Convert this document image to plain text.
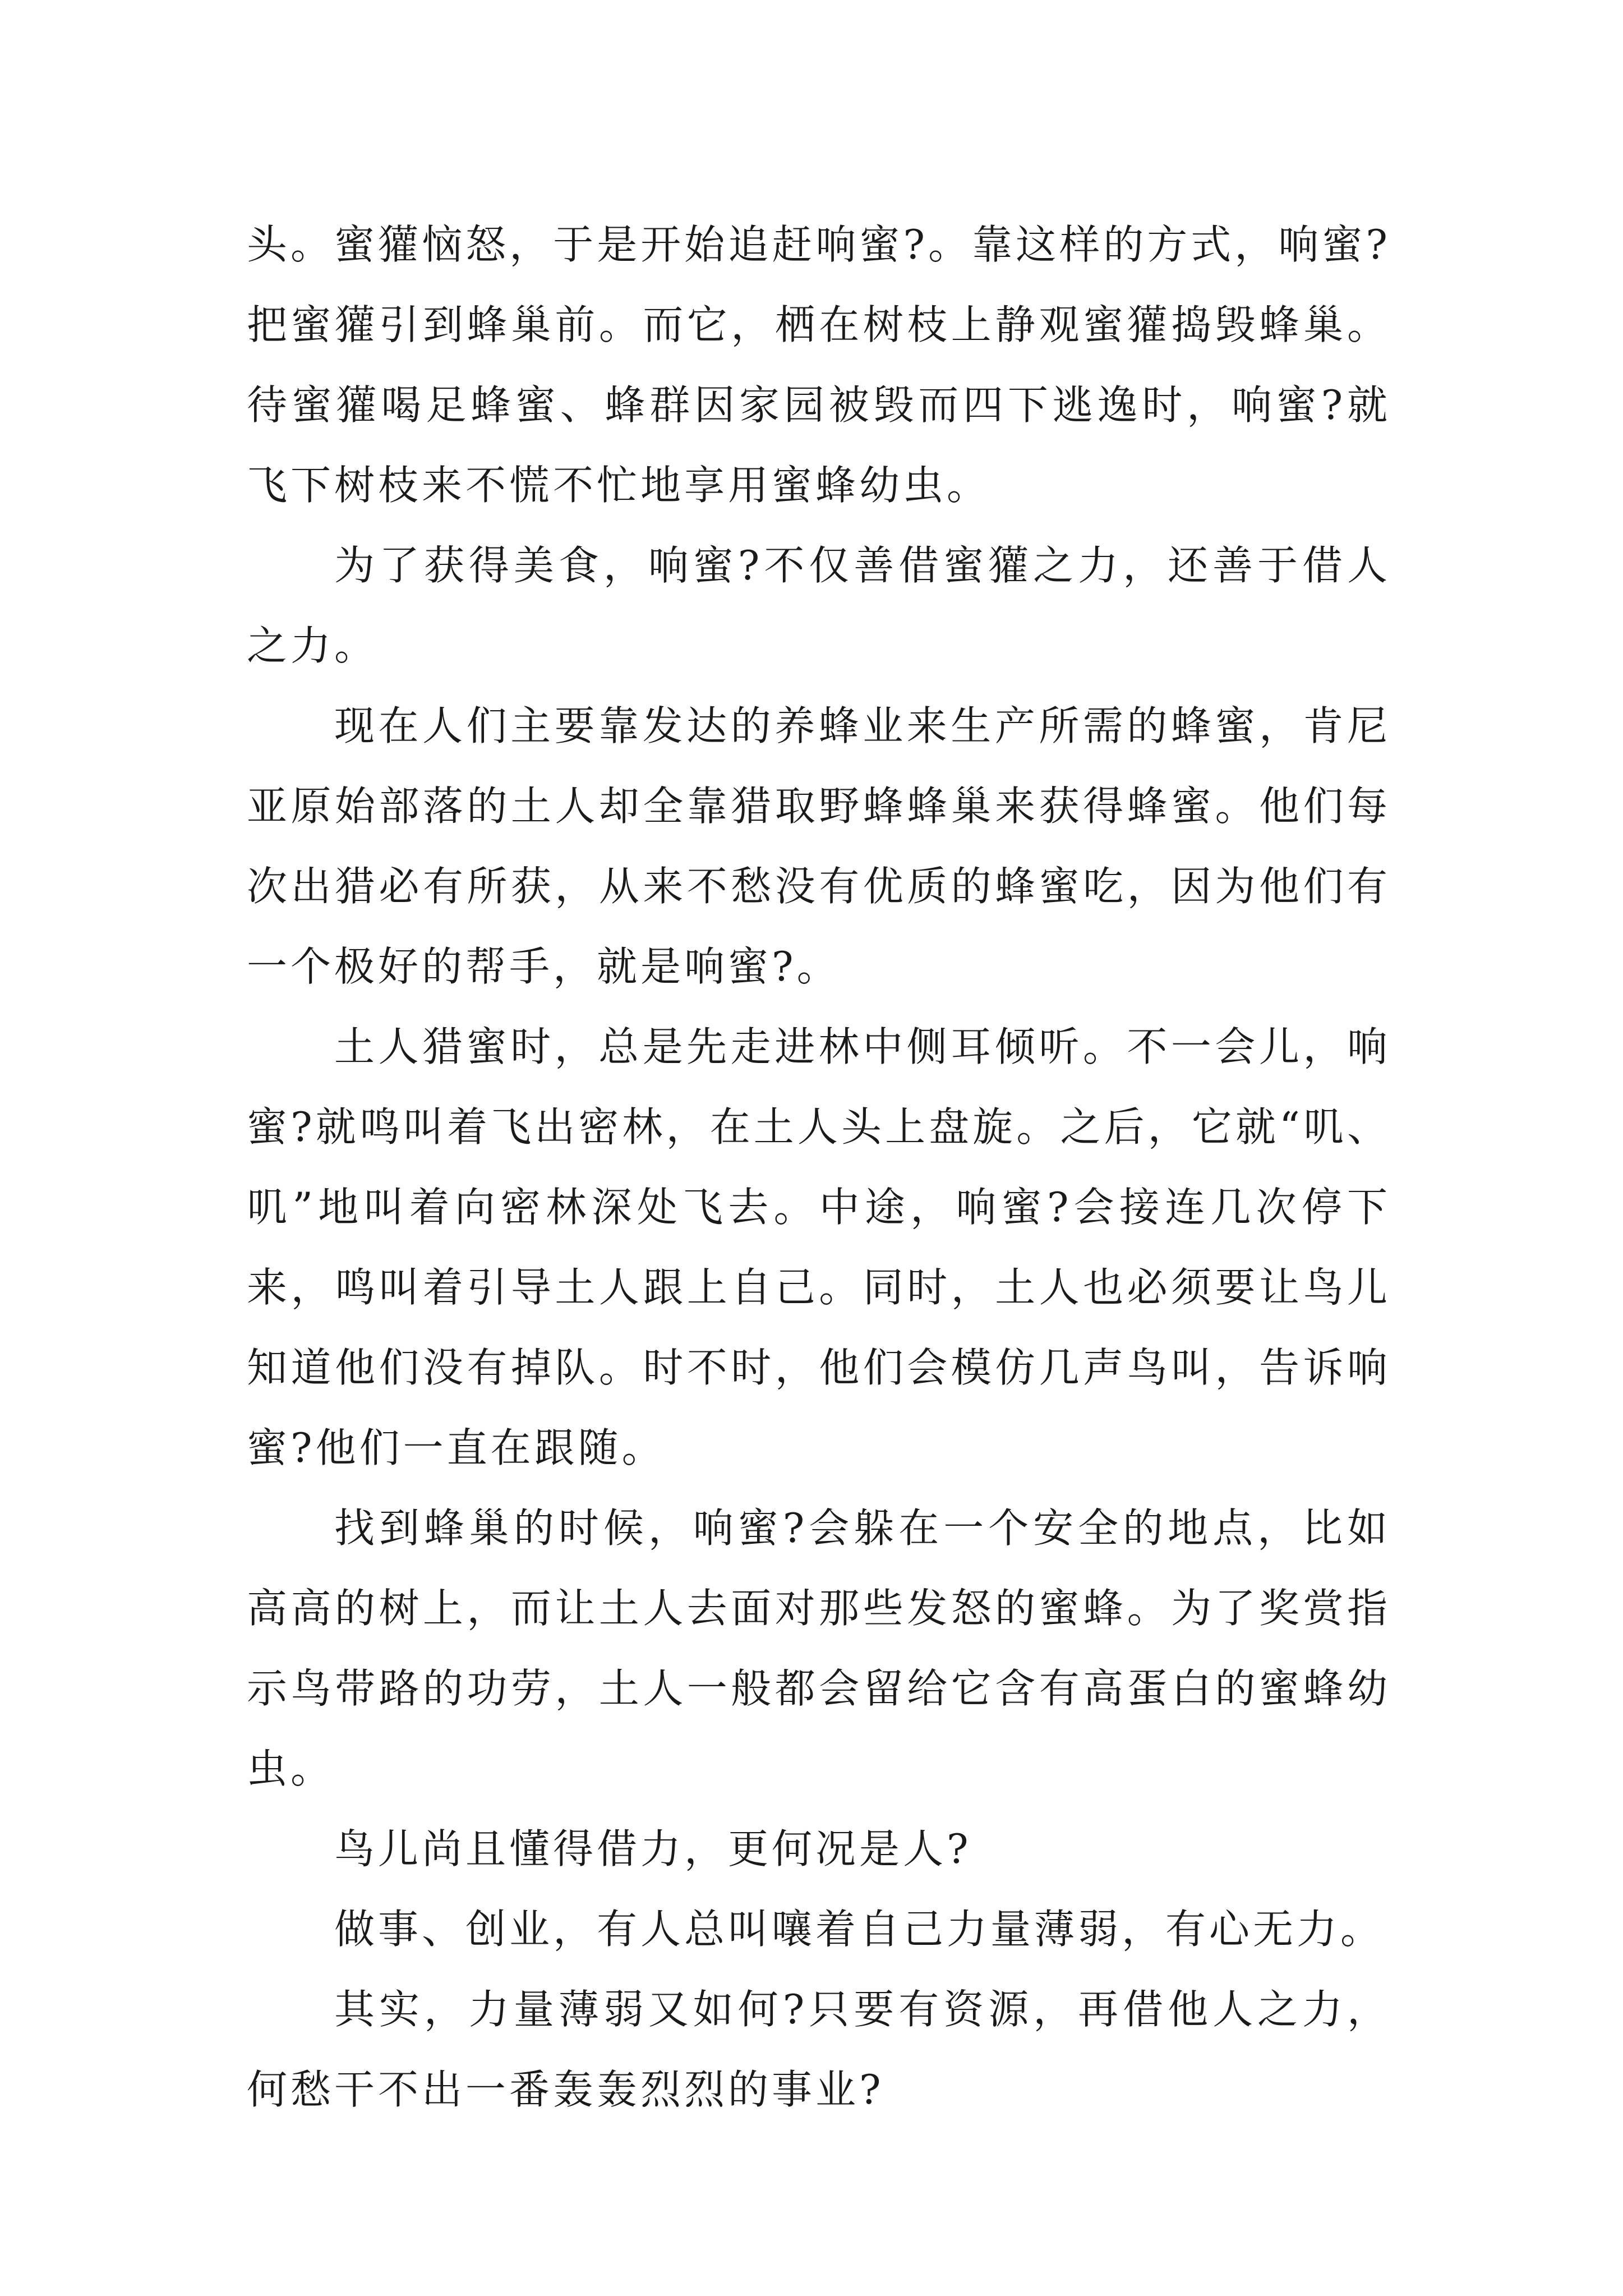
头。蜜獾恼怒，于是开始追赶响蜜?。靠这样的方式，响蜜?把蜜獾引到蜂巢前。而它，栖在树枝上静观蜜獾捣毁蜂巢。待蜜獾喝足蜂蜜、蜂群因家园被毁而四下逃逸时，响蜜?就飞下树枝来不慌不忙地享用蜜蜂幼虫。

为了获得美食，响蜜?不仅善借蜜獾之力，还善于借人之力。

现在人们主要靠发达的养蜂业来生产所需的蜂蜜，肯尼亚原始部落的土人却全靠猎取野蜂蜂巢来获得蜂蜜。他们每次出猎必有所获，从来不愁没有优质的蜂蜜吃，因为他们有一个极好的帮手，就是响蜜?。

土人猎蜜时，总是先走进林中侧耳倾听。不一会儿，响蜜?就鸣叫着飞出密林，在土人头上盘旋。之后，它就“叽、叽”地叫着向密林深处飞去。中途，响蜜?会接连几次停下来，鸣叫着引导土人跟上自己。同时，土人也必须要让鸟儿知道他们没有掉队。时不时，他们会模仿几声鸟叫，告诉响蜜?他们一直在跟随。

找到蜂巢的时候，响蜜?会躲在一个安全的地点，比如高高的树上，而让土人去面对那些发怒的蜜蜂。为了奖赏指示鸟带路的功劳，土人一般都会留给它含有高蛋白的蜜蜂幼虫。

鸟儿尚且懂得借力，更何况是人?

做事、创业，有人总叫嚷着自己力量薄弱，有心无力。

其实，力量薄弱又如何?只要有资源，再借他人之力，何愁干不出一番轰轰烈烈的事业?
